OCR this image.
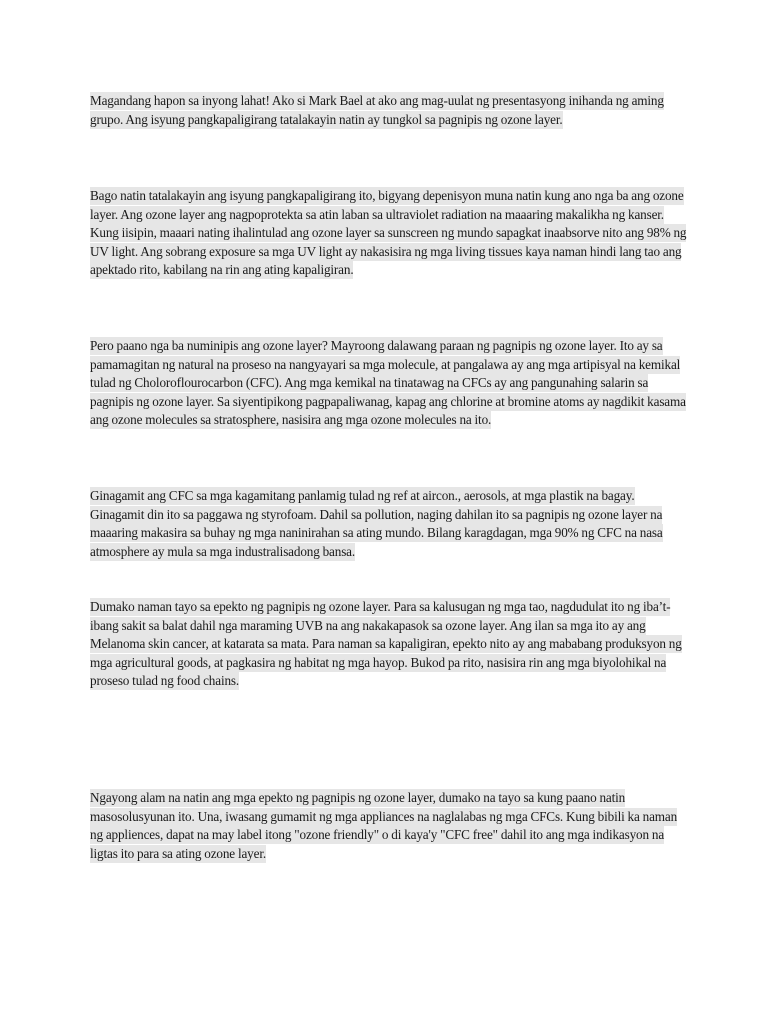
Magandang hapon sa inyong lahat! Ako si Mark Bael at ako ang mag-uulat ng presentasyong inihanda ng aming grupo. Ang isyung pangkapaligirang tatalakayin natin ay tungkol sa pagnipis ng ozone layer.

Bago natin tatalakayin ang isyung pangkapaligirang ito, bigyang depenisyon muna natin kung ano nga ba ang ozone layer. Ang ozone layer ang nagpoprotekta sa atin laban sa ultraviolet radiation na maaaring makalikha ng kanser. Kung iisipin, maaari nating ihalintulad ang ozone layer sa sunscreen ng mundo sapagkat inaabsorve nito ang 98% ng UV light. Ang sobrang exposure sa mga UV light ay nakasisira ng mga living tissues kaya naman hindi lang tao ang apektado rito, kabilang na rin ang ating kapaligiran.

Pero paano nga ba numinipis ang ozone layer? Mayroong dalawang paraan ng pagnipis ng ozone layer. Ito ay sa pamamagitan ng natural na proseso na nangyayari sa mga molecule, at pangalawa ay ang mga artipisyal na kemikal tulad ng Choloroflourocarbon (CFC). Ang mga kemikal na tinatawag na CFCs ay ang pangunahing salarin sa pagnipis ng ozone layer. Sa siyentipikong pagpapaliwanag, kapag ang chlorine at bromine atoms ay nagdikit kasama ang ozone molecules sa stratosphere, nasisira ang mga ozone molecules na ito.

Ginagamit ang CFC sa mga kagamitang panlamig tulad ng ref at aircon., aerosols, at mga plastik na bagay. Ginagamit din ito sa paggawa ng styrofoam. Dahil sa pollution, naging dahilan ito sa pagnipis ng ozone layer na maaaring makasira sa buhay ng mga naninirahan sa ating mundo. Bilang karagdagan, mga 90% ng CFC na nasa atmosphere ay mula sa mga industralisadong bansa.

Dumako naman tayo sa epekto ng pagnipis ng ozone layer. Para sa kalusugan ng mga tao, nagdudulat ito ng iba’t-ibang sakit sa balat dahil nga maraming UVB na ang nakakapasok sa ozone layer. Ang ilan sa mga ito ay ang Melanoma skin cancer, at katarata sa mata. Para naman sa kapaligiran, epekto nito ay ang mababang produksyon ng mga agricultural goods, at pagkasira ng habitat ng mga hayop. Bukod pa rito, nasisira rin ang mga biyolohikal na proseso tulad ng food chains.

Ngayong alam na natin ang mga epekto ng pagnipis ng ozone layer, dumako na tayo sa kung paano natin masosolusyunan ito. Una, iwasang gumamit ng mga appliances na naglalabas ng mga CFCs. Kung bibili ka naman ng appliences, dapat na may label itong "ozone friendly" o di kaya'y "CFC free" dahil ito ang mga indikasyon na ligtas ito para sa ating ozone layer.
